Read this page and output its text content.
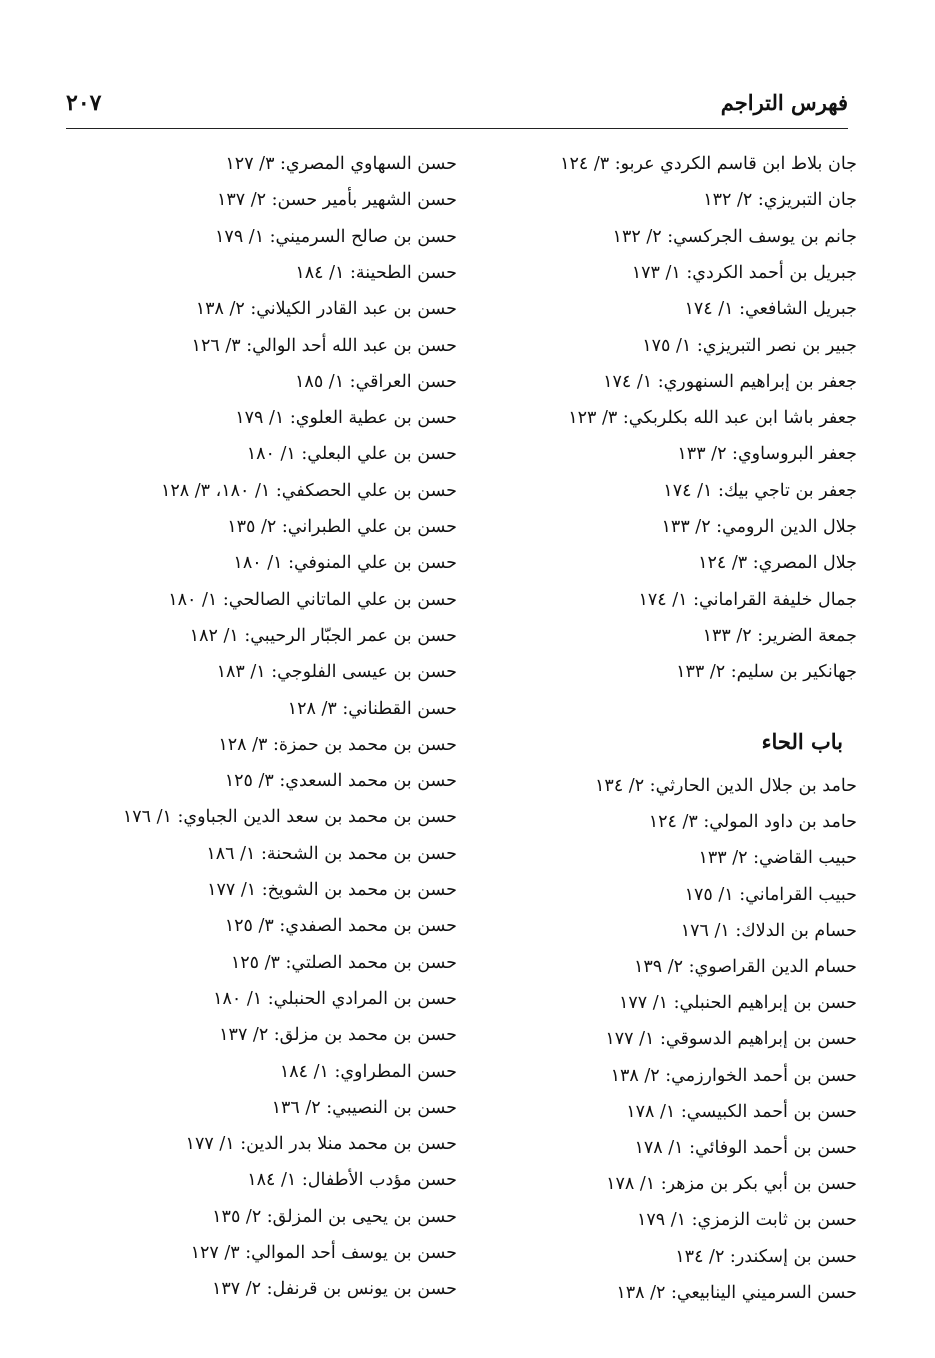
فهرس التراجم
٢٠٧
جان بلاط ابن قاسم الكردي عربو: ٣/ ١٢٤
جان التبريزي: ٢/ ١٣٢
جانم بن يوسف الجركسي: ٢/ ١٣٢
جبريل بن أحمد الكردي: ١/ ١٧٣
جبريل الشافعي: ١/ ١٧٤
جبير بن نصر التبريزي: ١/ ١٧٥
جعفر بن إبراهيم السنهوري: ١/ ١٧٤
جعفر باشا ابن عبد الله بكلربكي: ٣/ ١٢٣
جعفر البروساوي: ٢/ ١٣٣
جعفر بن تاجي بيك: ١/ ١٧٤
جلال الدين الرومي: ٢/ ١٣٣
جلال المصري: ٣/ ١٢٤
جمال خليفة القراماني: ١/ ١٧٤
جمعة الضرير: ٢/ ١٣٣
جهانكير بن سليم: ٢/ ١٣٣
باب الحاء
حامد بن جلال الدين الحارثي: ٢/ ١٣٤
حامد بن داود المولي: ٣/ ١٢٤
حبيب القاضي: ٢/ ١٣٣
حبيب القراماني: ١/ ١٧٥
حسام بن الدلاك: ١/ ١٧٦
حسام الدين القراصوي: ٢/ ١٣٩
حسن بن إبراهيم الحنبلي: ١/ ١٧٧
حسن بن إبراهيم الدسوقي: ١/ ١٧٧
حسن بن أحمد الخوارزمي: ٢/ ١٣٨
حسن بن أحمد الكبيسي: ١/ ١٧٨
حسن بن أحمد الوفائي: ١/ ١٧٨
حسن بن أبي بكر بن مزهر: ١/ ١٧٨
حسن بن ثابت الزمزي: ١/ ١٧٩
حسن بن إسكندر: ٢/ ١٣٤
حسن السرميني الينابيعي: ٢/ ١٣٨
حسن السهاوي المصري: ٣/ ١٢٧
حسن الشهير بأمير حسن: ٢/ ١٣٧
حسن بن صالح السرميني: ١/ ١٧٩
حسن الطحينة: ١/ ١٨٤
حسن بن عبد القادر الكيلاني: ٢/ ١٣٨
حسن بن عبد الله أحد الوالي: ٣/ ١٢٦
حسن العراقي: ١/ ١٨٥
حسن بن عطية العلوي: ١/ ١٧٩
حسن بن علي البعلي: ١/ ١٨٠
حسن بن علي الحصكفي: ١/ ١٨٠، ٣/ ١٢٨
حسن بن علي الطبراني: ٢/ ١٣٥
حسن بن علي المنوفي: ١/ ١٨٠
حسن بن علي الماتاني الصالحي: ١/ ١٨٠
حسن بن عمر الجبّار الرحيبي: ١/ ١٨٢
حسن بن عيسى الفلوجي: ١/ ١٨٣
حسن القطناني: ٣/ ١٢٨
حسن بن محمد بن حمزة: ٣/ ١٢٨
حسن بن محمد السعدي: ٣/ ١٢٥
حسن بن محمد بن سعد الدين الجباوي: ١/ ١٧٦
حسن بن محمد بن الشحنة: ١/ ١٨٦
حسن بن محمد بن الشويخ: ١/ ١٧٧
حسن بن محمد الصفدي: ٣/ ١٢٥
حسن بن محمد الصلتي: ٣/ ١٢٥
حسن بن المرادي الحنبلي: ١/ ١٨٠
حسن بن محمد بن مزلق: ٢/ ١٣٧
حسن المطراوي: ١/ ١٨٤
حسن بن النصيبي: ٢/ ١٣٦
حسن بن محمد منلا بدر الدين: ١/ ١٧٧
حسن مؤدب الأطفال: ١/ ١٨٤
حسن بن يحيى بن المزلق: ٢/ ١٣٥
حسن بن يوسف أحد الموالي: ٣/ ١٢٧
حسن بن يونس بن قرنفل: ٢/ ١٣٧
